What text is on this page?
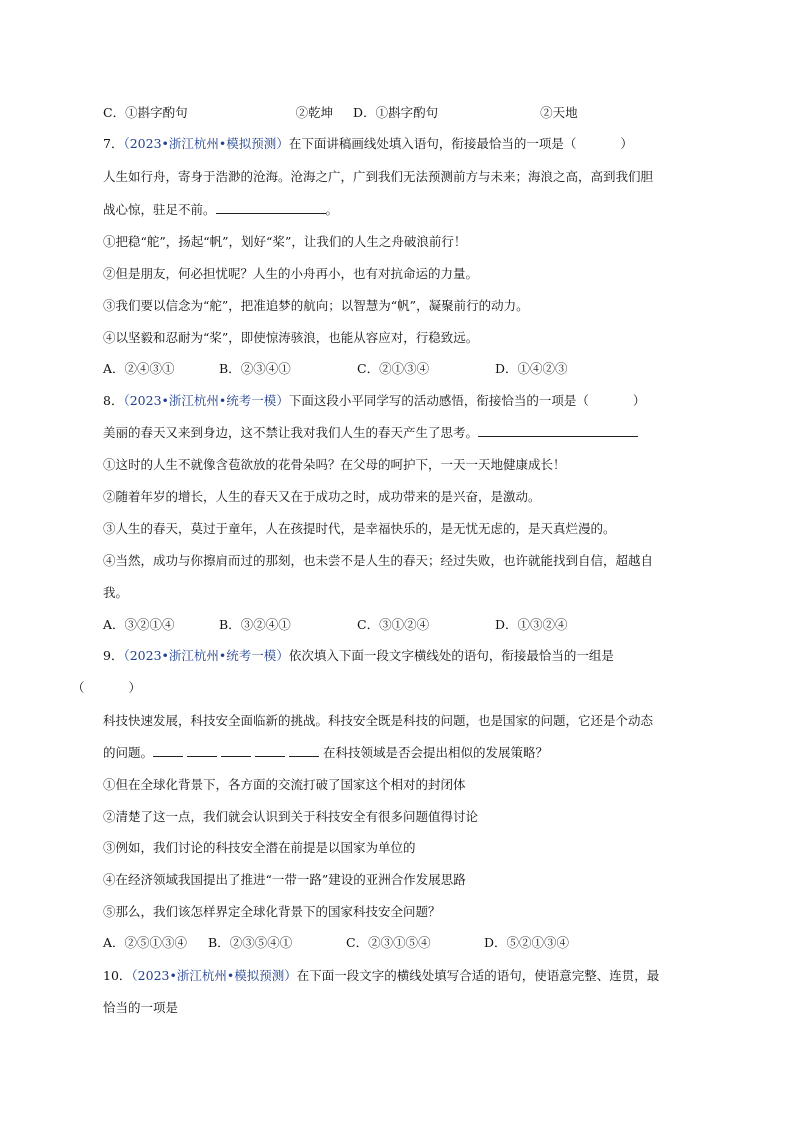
C．①斟字酌句	②乾坤 D．①斟字酌句	②天地
7．（2023•浙江杭州•模拟预测）在下面讲稿画线处填入语句，衔接最恰当的一项是（	）
人生如行舟，寄身于浩渺的沧海。沧海之广，广到我们无法预测前方与未来；海浪之高，高到我们胆
战心惊，驻足不前。	。
①把稳“舵”，扬起“帆”，划好“桨”，让我们的人生之舟破浪前行！
②但是朋友，何必担忧呢？人生的小舟再小，也有对抗命运的力量。
③我们要以信念为“舵”，把准追梦的航向；以智慧为“帆”，凝聚前行的动力。
④以坚毅和忍耐为“桨”，即使惊涛骇浪，也能从容应对，行稳致远。
A．②④③①	B．②③④①	C．②①③④	D．①④②③
8．（2023•浙江杭州•统考一模）下面这段小平同学写的活动感悟，衔接恰当的一项是（	）
美丽的春天又来到身边，这不禁让我对我们人生的春天产生了思考。
①这时的人生不就像含苞欲放的花骨朵吗？在父母的呵护下，一天一天地健康成长！
②随着年岁的增长，人生的春天又在于成功之时，成功带来的是兴奋，是激动。
③人生的春天，莫过于童年，人在孩提时代，是幸福快乐的，是无忧无虑的，是天真烂漫的。
④当然，成功与你擦肩而过的那刻，也未尝不是人生的春天；经过失败，也许就能找到自信，超越自
我。
A．③②①④	B．③②④①	C．③①②④	D．①③②④
9．（2023•浙江杭州•统考一模）依次填入下面一段文字横线处的语句，衔接最恰当的一组是
（	）
科技快速发展，科技安全面临新的挑战。科技安全既是科技的问题，也是国家的问题，它还是个动态
的问题。	在科技领域是否会提出相似的发展策略？
①但在全球化背景下，各方面的交流打破了国家这个相对的封闭体
②清楚了这一点，我们就会认识到关于科技安全有很多问题值得讨论
③例如，我们讨论的科技安全潜在前提是以国家为单位的
④在经济领域我国提出了推进“一带一路”建设的亚洲合作发展思路
⑤那么，我们该怎样界定全球化背景下的国家科技安全问题？
A．②⑤①③④ B．②③⑤④①	C．②③①⑤④	D．⑤②①③④
10．（2023•浙江杭州•模拟预测）在下面一段文字的横线处填写合适的语句，使语意完整、连贯，最
恰当的一项是
